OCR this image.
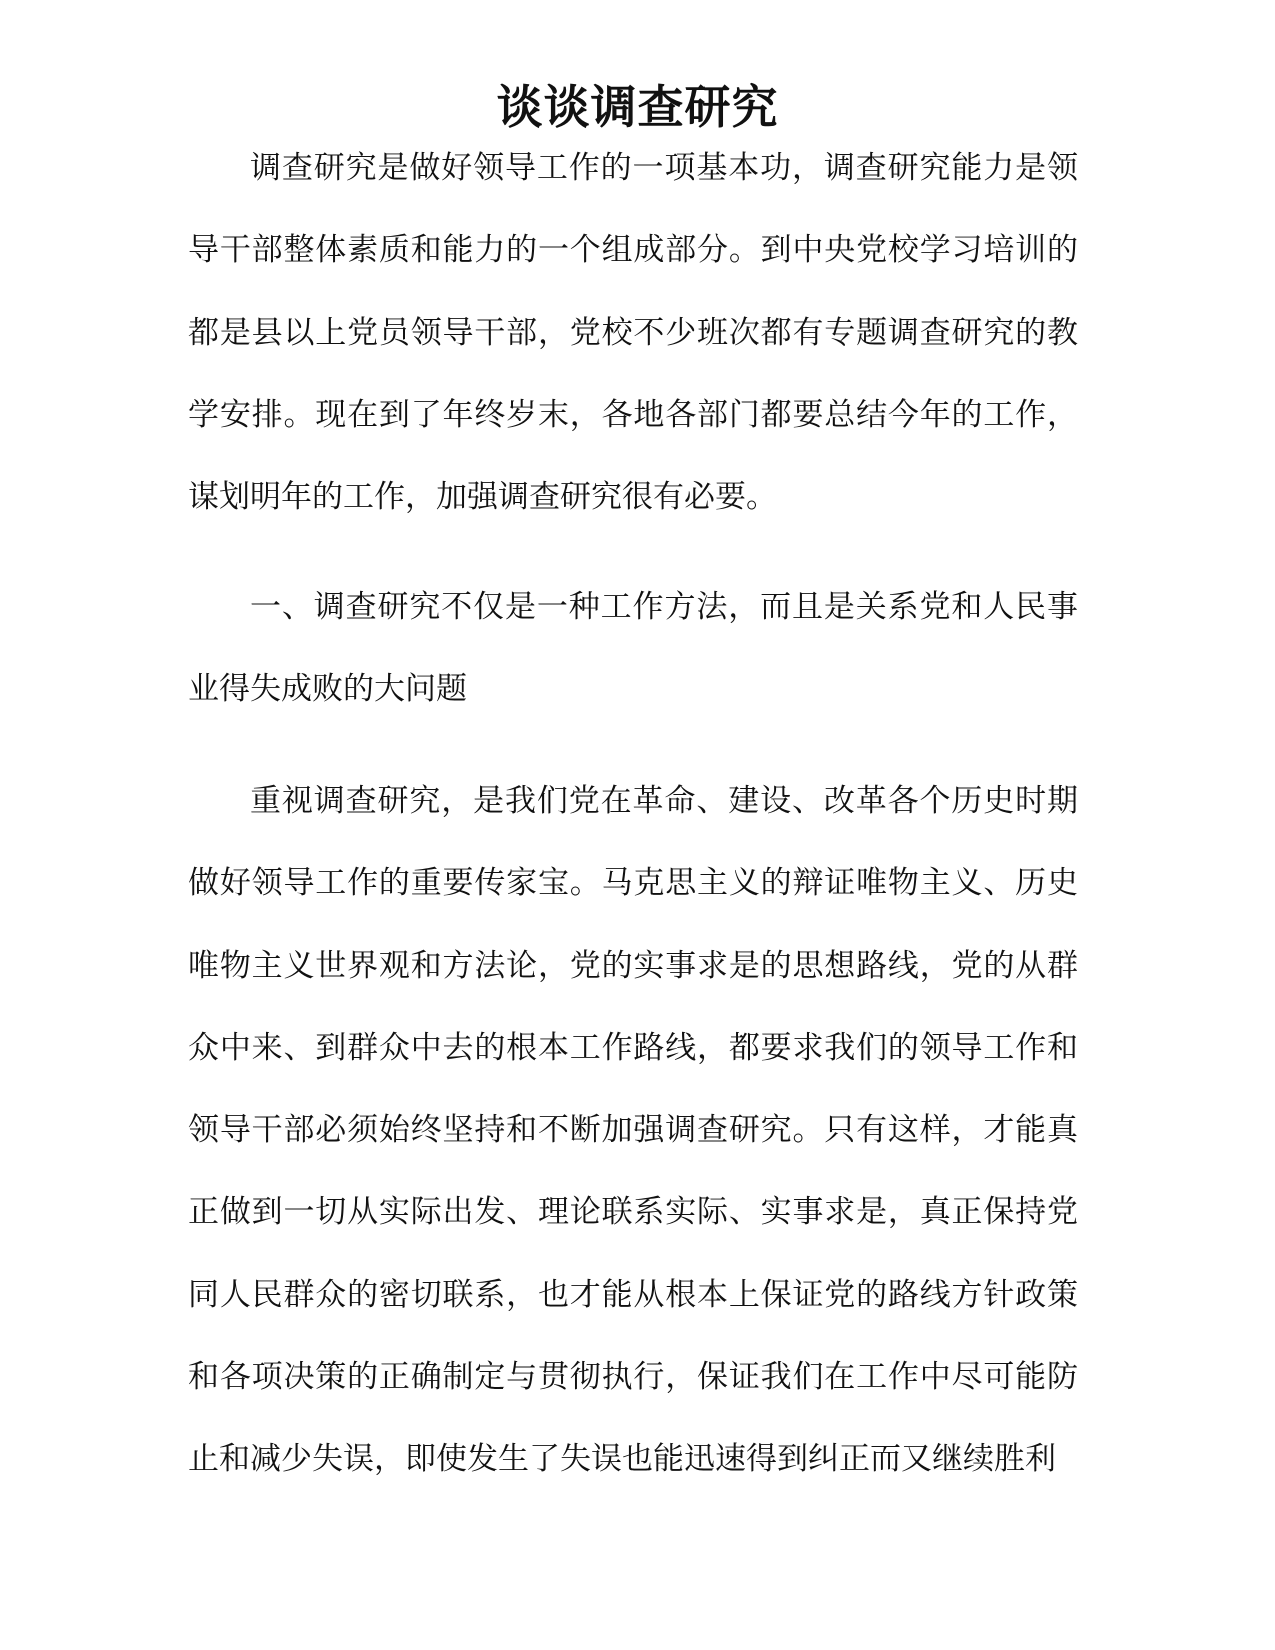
谈谈调查研究

调查研究是做好领导工作的一项基本功，调查研究能力是领导干部整体素质和能力的一个组成部分。到中央党校学习培训的都是县以上党员领导干部，党校不少班次都有专题调查研究的教学安排。现在到了年终岁末，各地各部门都要总结今年的工作，谋划明年的工作，加强调查研究很有必要。

一、调查研究不仅是一种工作方法，而且是关系党和人民事业得失成败的大问题

重视调查研究，是我们党在革命、建设、改革各个历史时期做好领导工作的重要传家宝。马克思主义的辩证唯物主义、历史唯物主义世界观和方法论，党的实事求是的思想路线，党的从群众中来、到群众中去的根本工作路线，都要求我们的领导工作和领导干部必须始终坚持和不断加强调查研究。只有这样，才能真正做到一切从实际出发、理论联系实际、实事求是，真正保持党同人民群众的密切联系，也才能从根本上保证党的路线方针政策和各项决策的正确制定与贯彻执行，保证我们在工作中尽可能防止和减少失误，即使发生了失误也能迅速得到纠正而又继续胜利
